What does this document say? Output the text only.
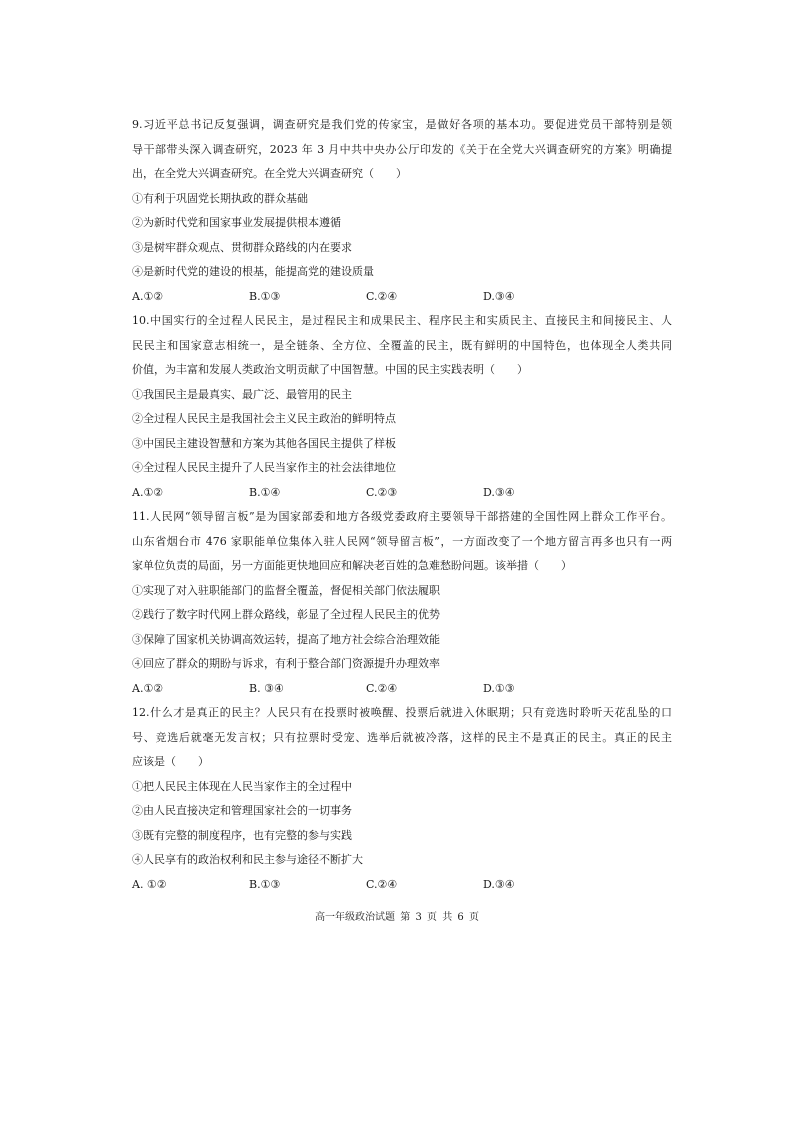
9.习近平总书记反复强调，调查研究是我们党的传家宝，是做好各项的基本功。要促进党员干部特别是领
导干部带头深入调查研究，2023 年 3 月中共中央办公厅印发的《关于在全党大兴调查研究的方案》明确提
出，在全党大兴调查研究。在全党大兴调查研究（　　）
①有利于巩固党长期执政的群众基础
②为新时代党和国家事业发展提供根本遵循
③是树牢群众观点、贯彻群众路线的内在要求
④是新时代党的建设的根基，能提高党的建设质量
A.①②	B.①③	C.②④	D.③④
10.中国实行的全过程人民民主，是过程民主和成果民主、程序民主和实质民主、直接民主和间接民主、人
民民主和国家意志相统一，是全链条、全方位、全覆盖的民主，既有鲜明的中国特色，也体现全人类共同
价值，为丰富和发展人类政治文明贡献了中国智慧。中国的民主实践表明（　　）
①我国民主是最真实、最广泛、最管用的民主
②全过程人民民主是我国社会主义民主政治的鲜明特点
③中国民主建设智慧和方案为其他各国民主提供了样板
④全过程人民民主提升了人民当家作主的社会法律地位
A.①②	B.①④	C.②③	D.③④
11.人民网“领导留言板”是为国家部委和地方各级党委政府主要领导干部搭建的全国性网上群众工作平台。
山东省烟台市 476 家职能单位集体入驻人民网“领导留言板”，一方面改变了一个地方留言再多也只有一两
家单位负责的局面，另一方面能更快地回应和解决老百姓的急难愁盼问题。该举措（　　）
①实现了对入驻职能部门的监督全覆盖，督促相关部门依法履职
②践行了数字时代网上群众路线，彰显了全过程人民民主的优势
③保障了国家机关协调高效运转，提高了地方社会综合治理效能
④回应了群众的期盼与诉求，有利于整合部门资源提升办理效率
A.①②	B. ③④	C.②④	D.①③
12.什么才是真正的民主？人民只有在投票时被唤醒、投票后就进入休眠期；只有竞选时聆听天花乱坠的口
号、竞选后就毫无发言权；只有拉票时受宠、选举后就被冷落，这样的民主不是真正的民主。真正的民主
应该是（　　）
①把人民民主体现在人民当家作主的全过程中
②由人民直接决定和管理国家社会的一切事务
③既有完整的制度程序，也有完整的参与实践
④人民享有的政治权利和民主参与途径不断扩大
A. ①②	B.①③	C.②④	D.③④
高一年级政治试题 第 3 页 共 6 页
